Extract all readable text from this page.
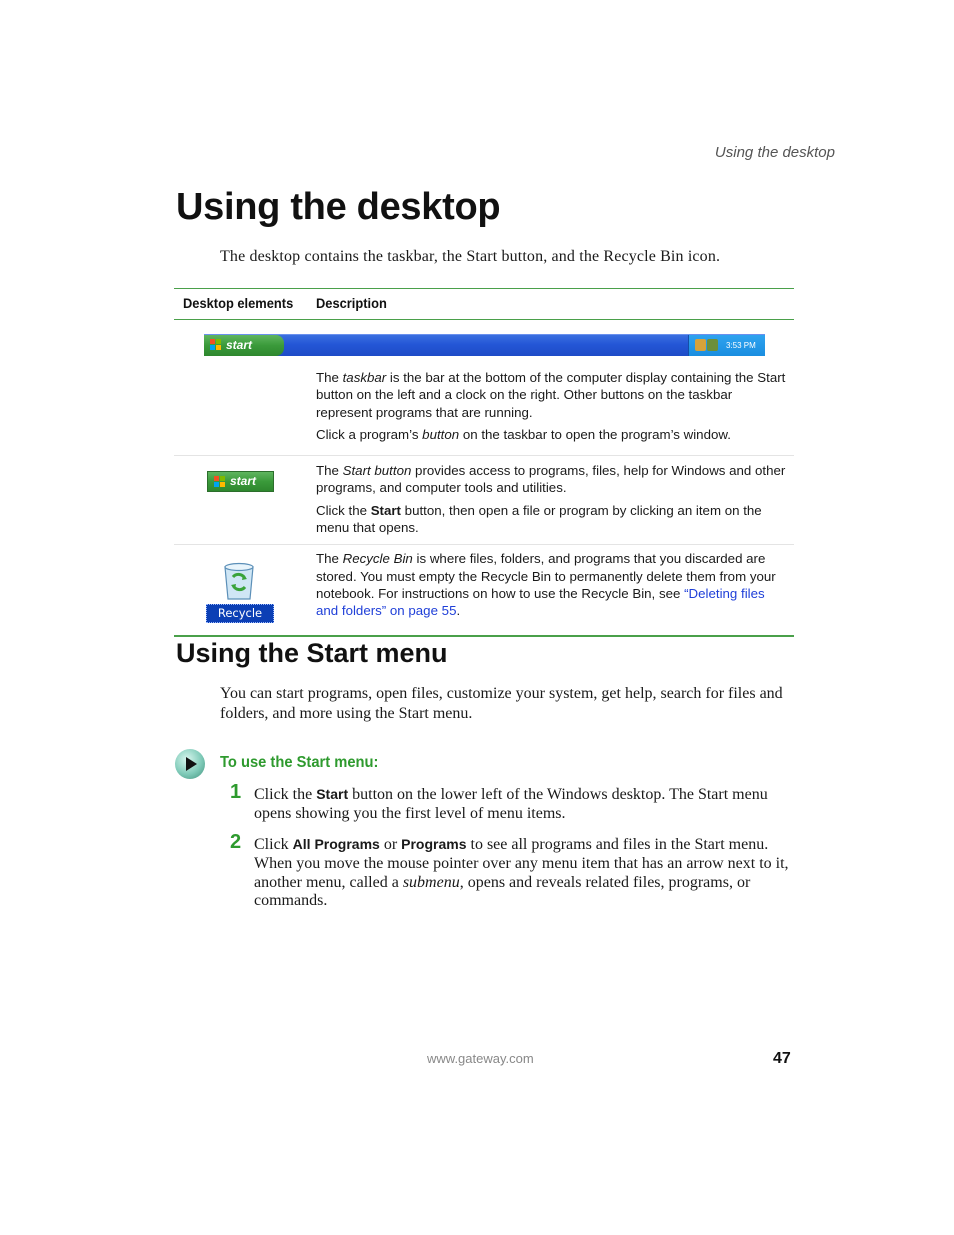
Using the desktop
Using the desktop

The desktop contains the taskbar, the Start button, and the Recycle Bin icon.

Desktop elements Description
start	3:53 PM

The taskbar is the bar at the bottom of the computer display containing the Start button on the left and a clock on the right. Other buttons on the taskbar represent programs that are running.

Click a program’s button on the taskbar to open the program’s window.

start

The Start button provides access to programs, files, help for Windows and other programs, and computer tools and utilities.

Click the Start button, then open a file or program by clicking an item on the menu that opens.

Recycle Bin

The Recycle Bin is where files, folders, and programs that you discarded are stored. You must empty the Recycle Bin to permanently delete them from your notebook. For instructions on how to use the Recycle Bin, see “Deleting files and folders” on page 55.

Using the Start menu

You can start programs, open files, customize your system, get help, search for files and folders, and more using the Start menu.

To use the Start menu:
1 Click the Start button on the lower left of the Windows desktop. The Start menu opens showing you the first level of menu items.

2 Click All Programs or Programs to see all programs and files in the Start menu. When you move the mouse pointer over any menu item that has an arrow next to it, another menu, called a submenu, opens and reveals related files, programs, or commands.

www.gateway.com	47
